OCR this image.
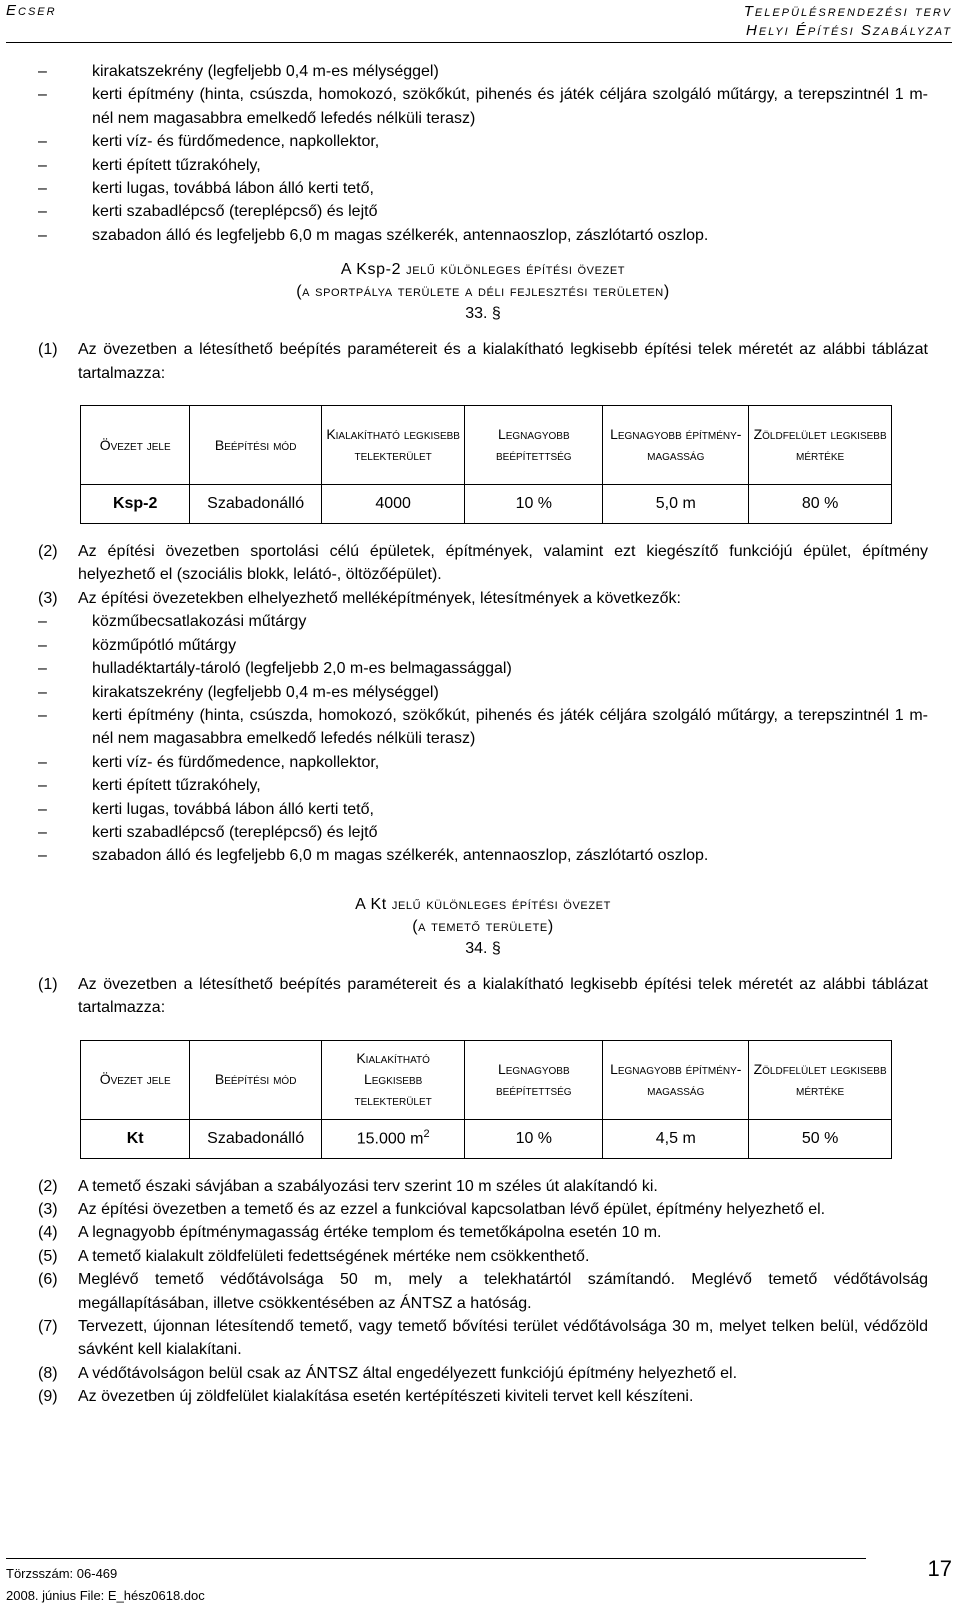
Ecser	Településrendezési terv
Helyi Építési Szabályzat
–	kirakatszekrény (legfeljebb 0,4 m-es mélységgel)
–	kerti építmény (hinta, csúszda, homokozó, szökőkút, pihenés és játék céljára szolgáló műtárgy, a terepszintnél 1 m-nél nem magasabbra emelkedő lefedés nélküli terasz)
–	kerti víz- és fürdőmedence, napkollektor,
–	kerti épített tűzrakóhely,
–	kerti lugas, továbbá lábon álló kerti tető,
–	kerti szabadlépcső (tereplépcső) és lejtő
–	szabadon álló és legfeljebb 6,0 m magas szélkerék, antennaoszlop, zászlótartó oszlop.
A Ksp-2 jelű különleges építési övezet
(a sportpálya területe a déli fejlesztési területen)
33. §
(1) Az övezetben a létesíthető beépítés paramétereit és a kialakítható legkisebb építési telek méretét az alábbi táblázat tartalmazza:
Övezet jele	Beépítési mód	Kialakítható legkisebb telekterület	Legnagyobb beépítettség	Legnagyobb építmény-magasság	Zöldfelület legkisebb mértéke
Ksp-2	Szabadonálló	4000	10 %	5,0 m	80 %
(2) Az építési övezetben sportolási célú épületek, építmények, valamint ezt kiegészítő funkciójú épület, építmény helyezhető el (szociális blokk, lelátó-, öltözőépület).
(3) Az építési övezetekben elhelyezhető melléképítmények, létesítmények a következők:
–	közműbecsatlakozási műtárgy
–	közműpótló műtárgy
–	hulladéktartály-tároló (legfeljebb 2,0 m-es belmagassággal)
–	kirakatszekrény (legfeljebb 0,4 m-es mélységgel)
–	kerti építmény (hinta, csúszda, homokozó, szökőkút, pihenés és játék céljára szolgáló műtárgy, a terepszintnél 1 m-nél nem magasabbra emelkedő lefedés nélküli terasz)
–	kerti víz- és fürdőmedence, napkollektor,
–	kerti épített tűzrakóhely,
–	kerti lugas, továbbá lábon álló kerti tető,
–	kerti szabadlépcső (tereplépcső) és lejtő
–	szabadon álló és legfeljebb 6,0 m magas szélkerék, antennaoszlop, zászlótartó oszlop.
A Kt jelű különleges építési övezet
(a temető területe)
34. §
(1) Az övezetben a létesíthető beépítés paramétereit és a kialakítható legkisebb építési telek méretét az alábbi táblázat tartalmazza:
Övezet jele	Beépítési mód	Kialakítható Legkisebb telekterület	Legnagyobb beépítettség	Legnagyobb építmény-magasság	Zöldfelület legkisebb mértéke
Kt	Szabadonálló	15.000 $m^2$	10 %	4,5 m	50 %
(2) A temető északi sávjában a szabályozási terv szerint 10 m széles út alakítandó ki.
(3) Az építési övezetben a temető és az ezzel a funkcióval kapcsolatban lévő épület, építmény helyezhető el.
(4) A legnagyobb építménymagasság értéke templom és temetőkápolna esetén 10 m.
(5) A temető kialakult zöldfelületi fedettségének mértéke nem csökkenthető.
(6) Meglévő temető védőtávolsága 50 m, mely a telekhatártól számítandó. Meglévő temető védőtávolság megállapításában, illetve csökkentésében az ÁNTSZ a hatóság.
(7) Tervezett, újonnan létesítendő temető, vagy temető bővítési terület védőtávolsága 30 m, melyet telken belül, védőzöld sávként kell kialakítani.
(8) A védőtávolságon belül csak az ÁNTSZ által engedélyezett funkciójú építmény helyezhető el.
(9) Az övezetben új zöldfelület kialakítása esetén kertépítészeti kiviteli tervet kell készíteni.
Törzsszám: 06-469
2008. június File: E_hész0618.doc
17
